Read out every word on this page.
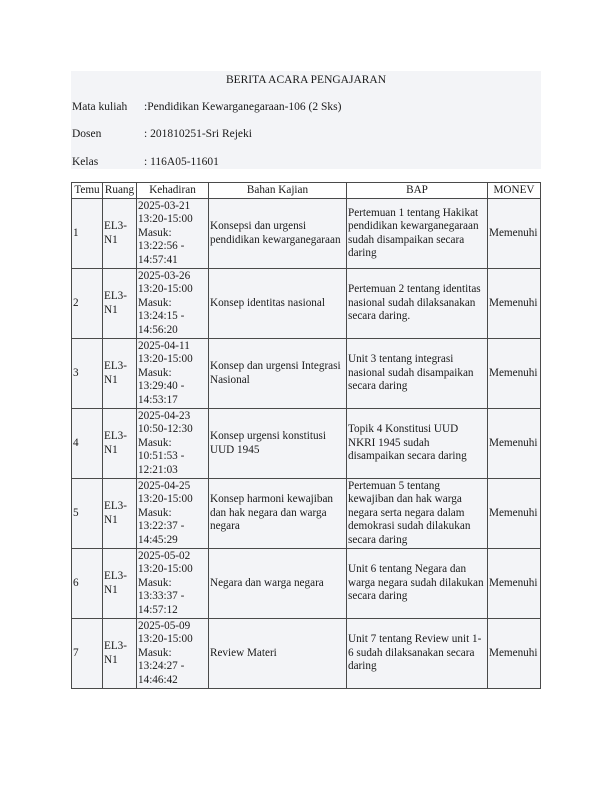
BERITA ACARA PENGAJARAN
Mata kuliah :Pendidikan Kewarganegaraan-106 (2 Sks)
Dosen	: 201810251-Sri Rejeki
Kelas	: 116A05-11601
Temu	Ruang	Kehadiran	Bahan Kajian	BAP	MONEV
1	EL3-N1	2025-03-21
13:20-15:00
Masuk:
13:22:56 -
14:57:41	Konsepsi dan urgensi pendidikan kewarganegaraan	Pertemuan 1 tentang Hakikat pendidikan kewarganegaraan sudah disampaikan secara daring	Memenuhi
2	EL3-N1	2025-03-26
13:20-15:00
Masuk:
13:24:15 -
14:56:20	Konsep identitas nasional	Pertemuan 2 tentang identitas nasional sudah dilaksanakan secara daring.	Memenuhi
3	EL3-N1	2025-04-11
13:20-15:00
Masuk:
13:29:40 -
14:53:17	Konsep dan urgensi Integrasi Nasional	Unit 3 tentang integrasi nasional sudah disampaikan secara daring	Memenuhi
4	EL3-N1	2025-04-23
10:50-12:30
Masuk:
10:51:53 -
12:21:03	Konsep urgensi konstitusi UUD 1945	Topik 4 Konstitusi UUD NKRI 1945 sudah disampaikan secara daring	Memenuhi
5	EL3-N1	2025-04-25
13:20-15:00
Masuk:
13:22:37 -
14:45:29	Konsep harmoni kewajiban dan hak negara dan warga negara	Pertemuan 5 tentang kewajiban dan hak warga negara serta negara dalam demokrasi sudah dilakukan secara daring	Memenuhi
6	EL3-N1	2025-05-02
13:20-15:00
Masuk:
13:33:37 -
14:57:12	Negara dan warga negara	Unit 6 tentang Negara dan warga negara sudah dilakukan secara daring	Memenuhi
7	EL3-N1	2025-05-09
13:20-15:00
Masuk:
13:24:27 -
14:46:42	Review Materi	Unit 7 tentang Review unit 1-6 sudah dilaksanakan secara daring	Memenuhi
